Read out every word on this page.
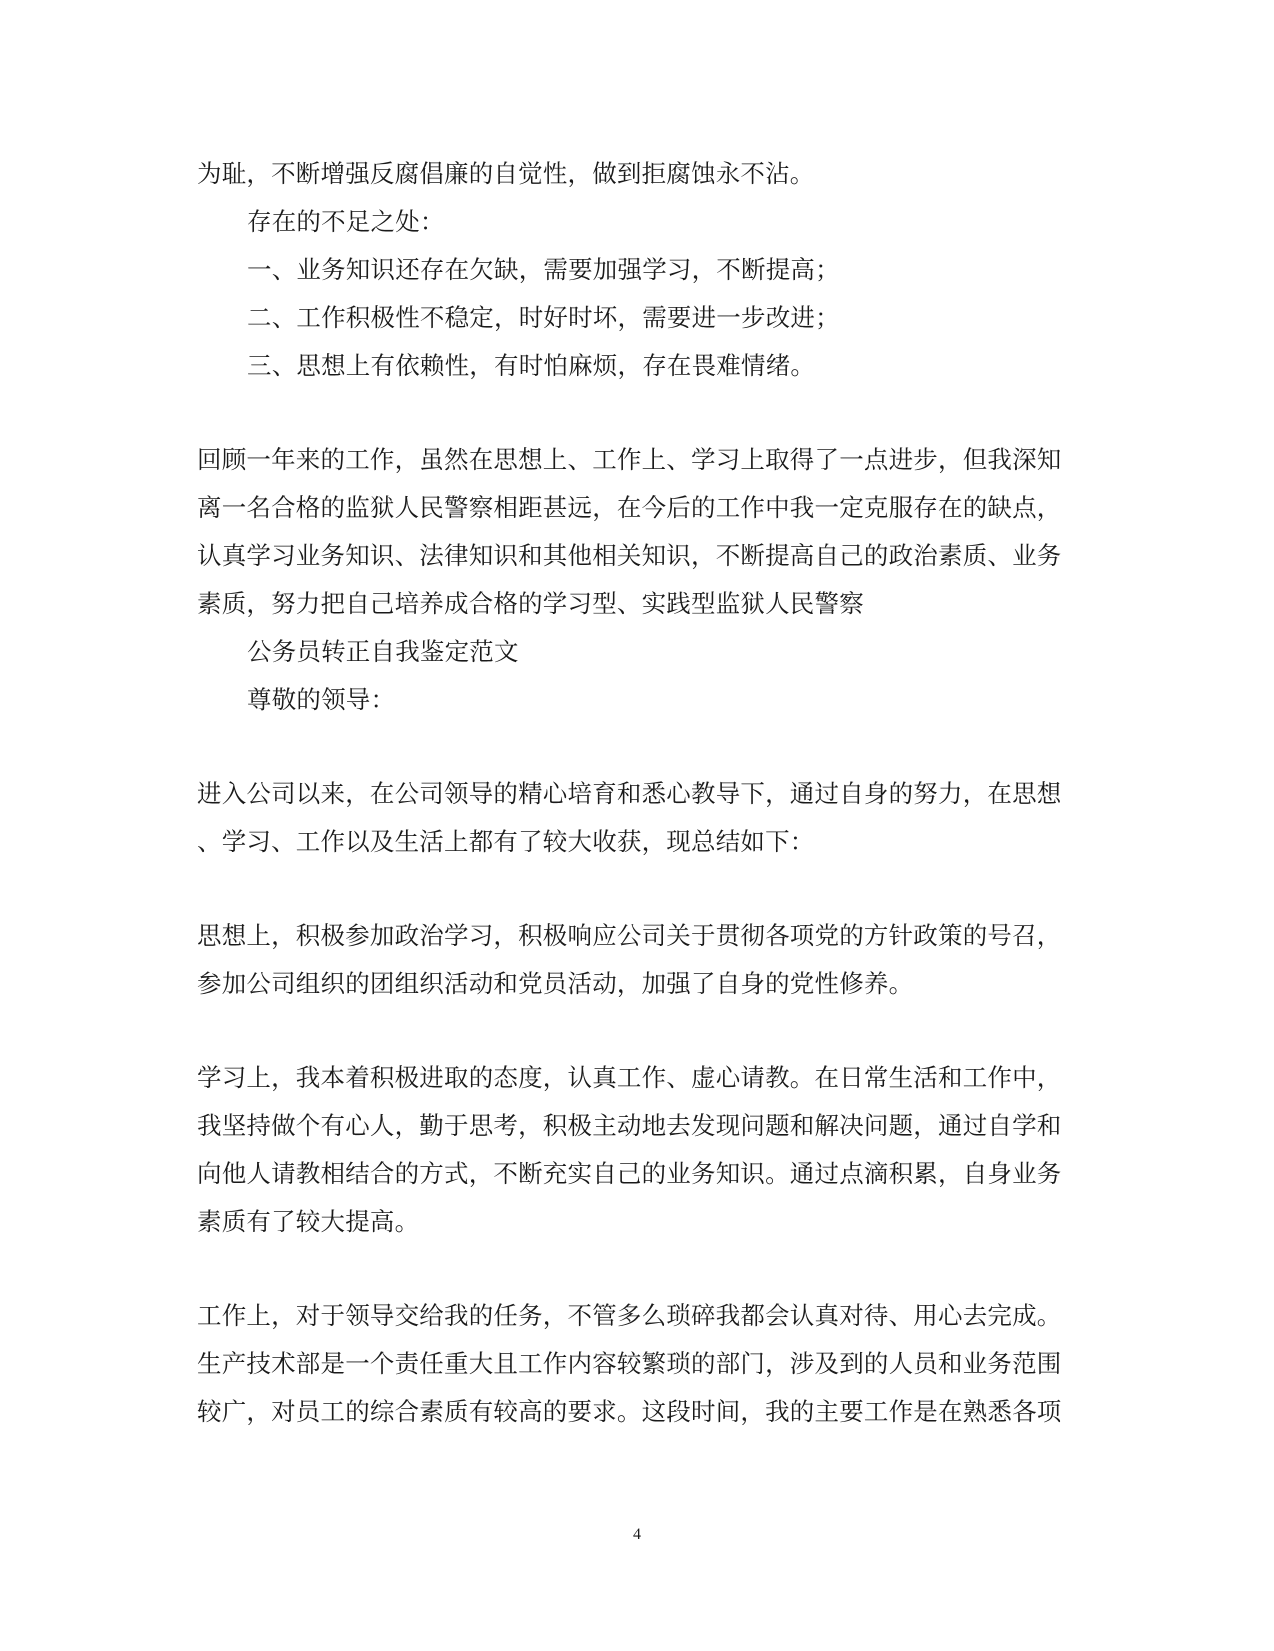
为耻，不断增强反腐倡廉的自觉性，做到拒腐蚀永不沾。
存在的不足之处：
一、业务知识还存在欠缺，需要加强学习，不断提高；
二、工作积极性不稳定，时好时坏，需要进一步改进；
三、思想上有依赖性，有时怕麻烦，存在畏难情绪。
回顾一年来的工作，虽然在思想上、工作上、学习上取得了一点进步，但我深知
离一名合格的监狱人民警察相距甚远，在今后的工作中我一定克服存在的缺点，
认真学习业务知识、法律知识和其他相关知识，不断提高自己的政治素质、业务
素质，努力把自己培养成合格的学习型、实践型监狱人民警察
公务员转正自我鉴定范文
尊敬的领导：
进入公司以来，在公司领导的精心培育和悉心教导下，通过自身的努力，在思想
、学习、工作以及生活上都有了较大收获，现总结如下：
思想上，积极参加政治学习，积极响应公司关于贯彻各项党的方针政策的号召，
参加公司组织的团组织活动和党员活动，加强了自身的党性修养。
学习上，我本着积极进取的态度，认真工作、虚心请教。在日常生活和工作中，
我坚持做个有心人，勤于思考，积极主动地去发现问题和解决问题，通过自学和
向他人请教相结合的方式，不断充实自己的业务知识。通过点滴积累，自身业务
素质有了较大提高。
工作上，对于领导交给我的任务，不管多么琐碎我都会认真对待、用心去完成。
生产技术部是一个责任重大且工作内容较繁琐的部门，涉及到的人员和业务范围
较广，对员工的综合素质有较高的要求。这段时间，我的主要工作是在熟悉各项
4
